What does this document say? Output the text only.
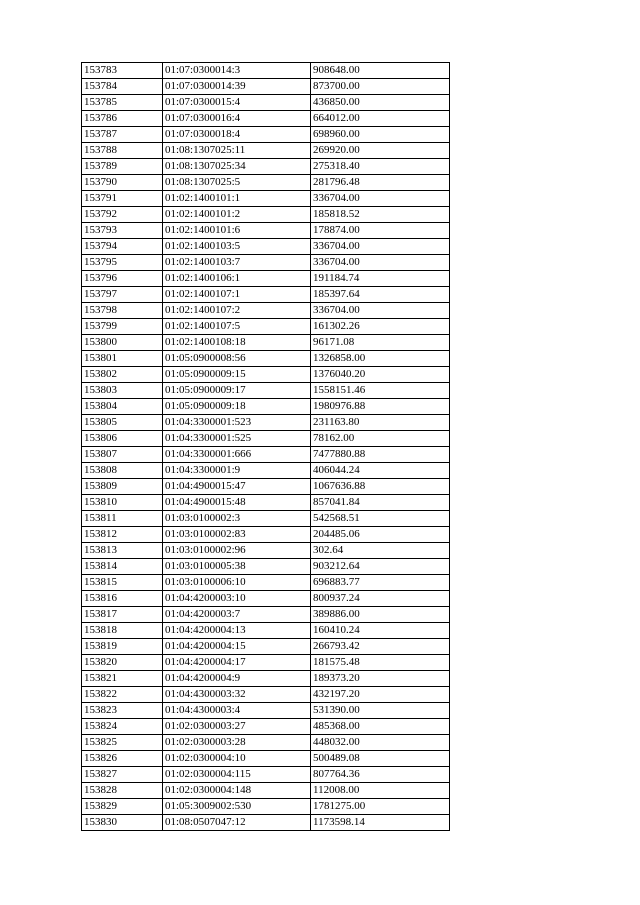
153783	01:07:0300014:3	908648.00
153784	01:07:0300014:39	873700.00
153785	01:07:0300015:4	436850.00
153786	01:07:0300016:4	664012.00
153787	01:07:0300018:4	698960.00
153788	01:08:1307025:11	269920.00
153789	01:08:1307025:34	275318.40
153790	01:08:1307025:5	281796.48
153791	01:02:1400101:1	336704.00
153792	01:02:1400101:2	185818.52
153793	01:02:1400101:6	178874.00
153794	01:02:1400103:5	336704.00
153795	01:02:1400103:7	336704.00
153796	01:02:1400106:1	191184.74
153797	01:02:1400107:1	185397.64
153798	01:02:1400107:2	336704.00
153799	01:02:1400107:5	161302.26
153800	01:02:1400108:18	96171.08
153801	01:05:0900008:56	1326858.00
153802	01:05:0900009:15	1376040.20
153803	01:05:0900009:17	1558151.46
153804	01:05:0900009:18	1980976.88
153805	01:04:3300001:523	231163.80
153806	01:04:3300001:525	78162.00
153807	01:04:3300001:666	7477880.88
153808	01:04:3300001:9	406044.24
153809	01:04:4900015:47	1067636.88
153810	01:04:4900015:48	857041.84
153811	01:03:0100002:3	542568.51
153812	01:03:0100002:83	204485.06
153813	01:03:0100002:96	302.64
153814	01:03:0100005:38	903212.64
153815	01:03:0100006:10	696883.77
153816	01:04:4200003:10	800937.24
153817	01:04:4200003:7	389886.00
153818	01:04:4200004:13	160410.24
153819	01:04:4200004:15	266793.42
153820	01:04:4200004:17	181575.48
153821	01:04:4200004:9	189373.20
153822	01:04:4300003:32	432197.20
153823	01:04:4300003:4	531390.00
153824	01:02:0300003:27	485368.00
153825	01:02:0300003:28	448032.00
153826	01:02:0300004:10	500489.08
153827	01:02:0300004:115	807764.36
153828	01:02:0300004:148	112008.00
153829	01:05:3009002:530	1781275.00
153830	01:08:0507047:12	1173598.14
